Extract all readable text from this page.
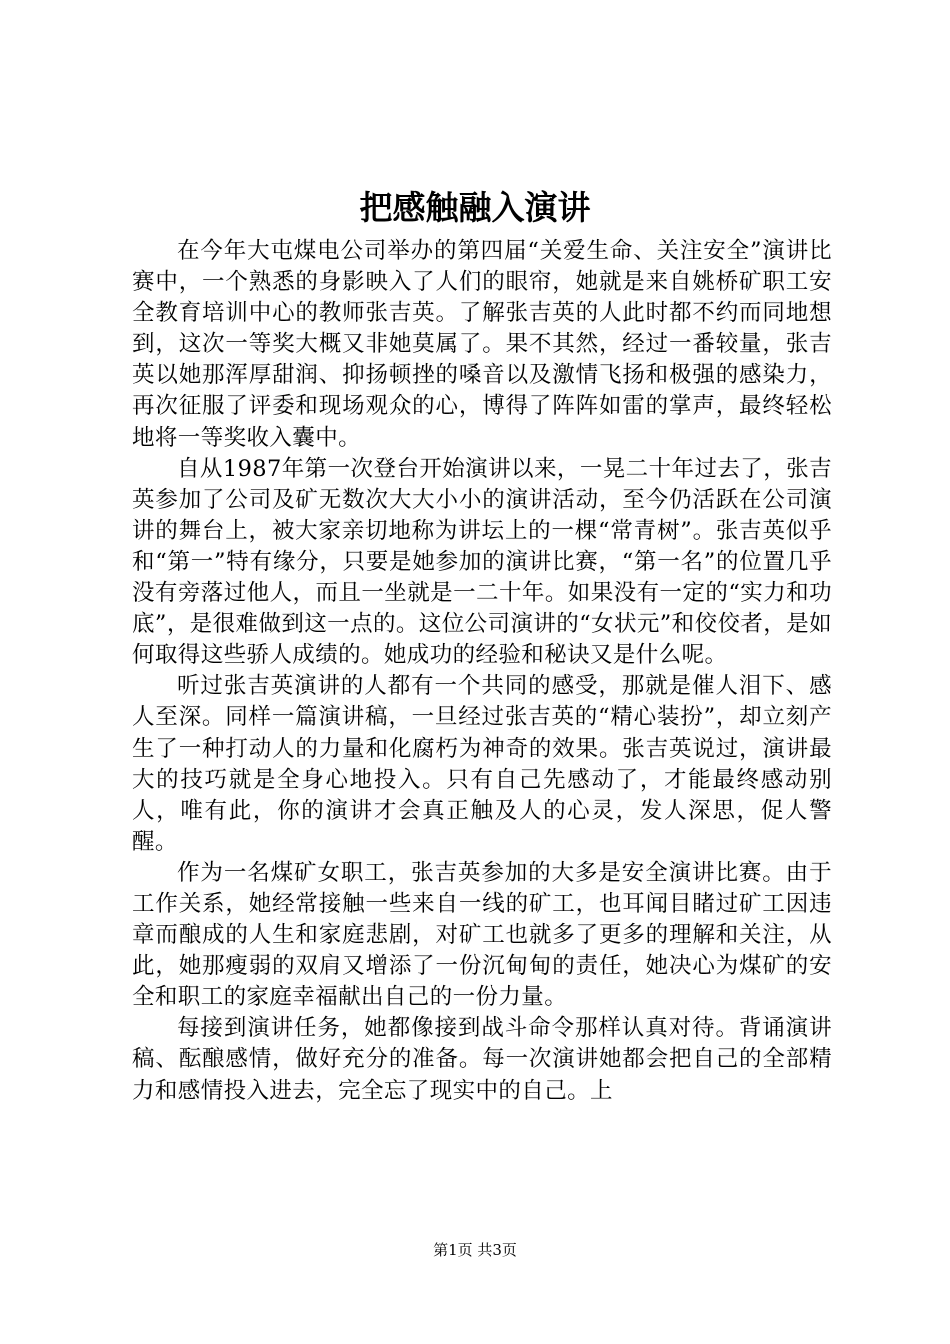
把感触融入演讲

在今年大屯煤电公司举办的第四届“关爱生命、关注安全”演讲比赛中，一个熟悉的身影映入了人们的眼帘，她就是来自姚桥矿职工安全教育培训中心的教师张吉英。了解张吉英的人此时都不约而同地想到，这次一等奖大概又非她莫属了。果不其然，经过一番较量，张吉英以她那浑厚甜润、抑扬顿挫的嗓音以及激情飞扬和极强的感染力，再次征服了评委和现场观众的心，博得了阵阵如雷的掌声，最终轻松地将一等奖收入囊中。

自从1987年第一次登台开始演讲以来，一晃二十年过去了，张吉英参加了公司及矿无数次大大小小的演讲活动，至今仍活跃在公司演讲的舞台上，被大家亲切地称为讲坛上的一棵“常青树”。张吉英似乎和“第一”特有缘分，只要是她参加的演讲比赛，“第一名”的位置几乎没有旁落过他人，而且一坐就是一二十年。如果没有一定的“实力和功底”，是很难做到这一点的。这位公司演讲的“女状元”和佼佼者，是如何取得这些骄人成绩的。她成功的经验和秘诀又是什么呢。

听过张吉英演讲的人都有一个共同的感受，那就是催人泪下、感人至深。同样一篇演讲稿，一旦经过张吉英的“精心装扮”，却立刻产生了一种打动人的力量和化腐朽为神奇的效果。张吉英说过，演讲最大的技巧就是全身心地投入。只有自己先感动了，才能最终感动别人，唯有此，你的演讲才会真正触及人的心灵，发人深思，促人警醒。

作为一名煤矿女职工，张吉英参加的大多是安全演讲比赛。由于工作关系，她经常接触一些来自一线的矿工，也耳闻目睹过矿工因违章而酿成的人生和家庭悲剧，对矿工也就多了更多的理解和关注，从此，她那瘦弱的双肩又增添了一份沉甸甸的责任，她决心为煤矿的安全和职工的家庭幸福献出自己的一份力量。

每接到演讲任务，她都像接到战斗命令那样认真对待。背诵演讲稿、酝酿感情，做好充分的准备。每一次演讲她都会把自己的全部精力和感情投入进去，完全忘了现实中的自己。上

第1页 共3页
